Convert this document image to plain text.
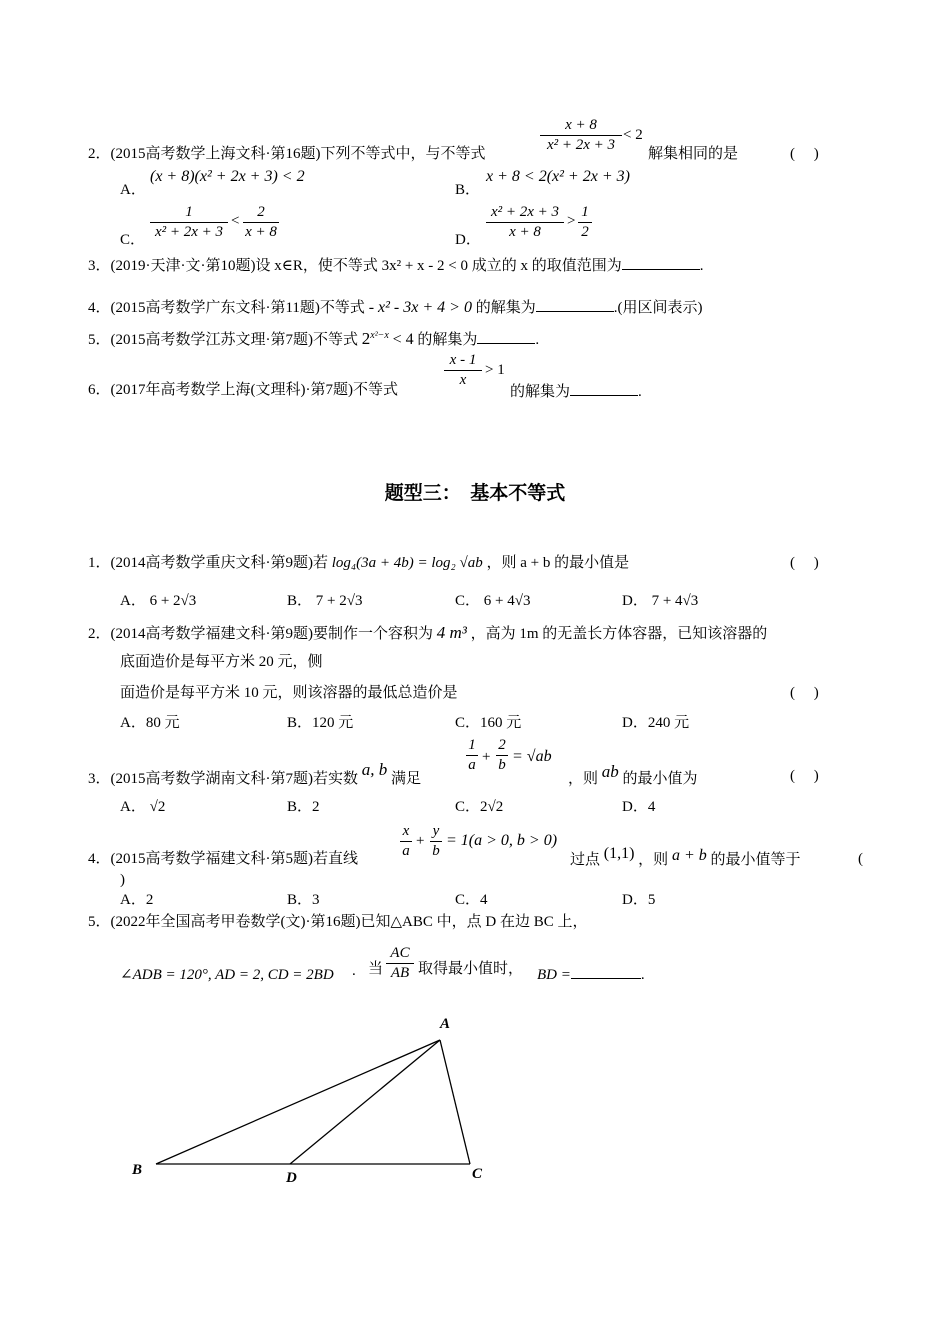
2．(2015高考数学上海文科·第16题)下列不等式中，与不等式
x + 8
x² + 2x + 3
< 2
解集相同的是	(　 )
A．
(x + 8)(x² + 2x + 3) < 2
B．
x + 8 < 2(x² + 2x + 3)
C．
1
x² + 2x + 3
<
2
x + 8	D．
x² + 2x + 3
x + 8
>
1
2
3．(2019·天津·文·第10题)设 x∈R，使不等式 3x² + x - 2 < 0 成立的 x 的取值范围为	.
4．(2015高考数学广东文科·第11题)不等式 - x² - 3x + 4 > 0 的解集为	.(用区间表示)
5．(2015高考数学江苏文理·第7题)不等式 $2^{x^2-x} < 4$ 的解集为	.
6．(2017年高考数学上海(文理科)·第7题)不等式
x - 1
x
> 1
的解集为	.
题型三：　基本不等式
1．(2014高考数学重庆文科·第9题)若 log₄(3a + 4b) = log₂ √ab ，则 a + b 的最小值是	(　 )
A． 6 + 2√3	B． 7 + 2√3	C． 6 + 4√3	D． 7 + 4√3
2．(2014高考数学福建文科·第9题)要制作一个容积为 4 m³ ，高为 1m 的无盖长方体容器，已知该溶器的
底面造价是每平方米 20 元，侧
面造价是每平方米 10 元，则该溶器的最低总造价是	(　 )
A．80 元	B．120 元	C．160 元	D．240 元
3．(2015高考数学湖南文科·第7题)若实数 a, b 满足
1
a +
2
b = √ab
，则 ab 的最小值为	(　 )
A． √2	B．2	C．2√2	D．4
4．(2015高考数学福建文科·第5题)若直线
x
a
+
y
b
= 1(a > 0, b > 0)
过点 (1,1) ，则 a + b 的最小值等于	(
)
A．2	B．3	C．4	D．5
5．(2022年全国高考甲卷数学(文)·第16题)已知△ABC 中，点 D 在边 BC 上，
∠ADB = 120°, AD = 2, CD = 2BD . 当
AC
AB 取得最小值时， BD =	.
A
B	D	C
